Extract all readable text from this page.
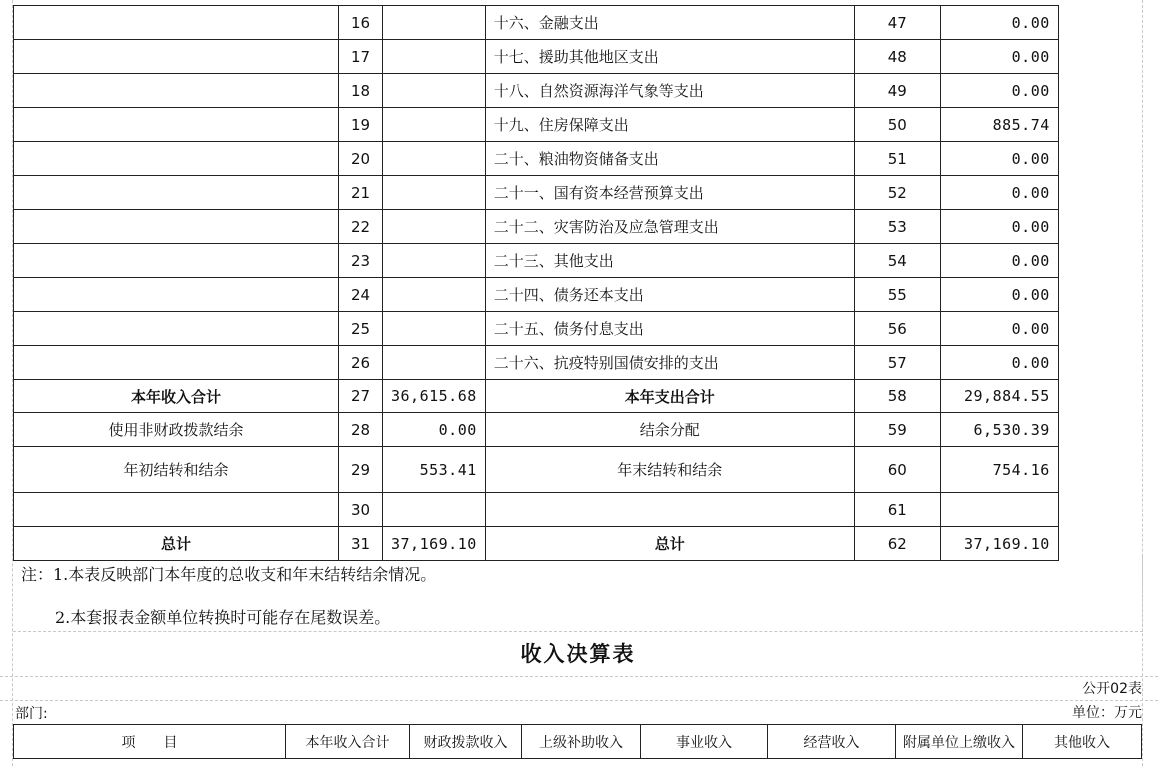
	16		十六、金融支出	47	0.00
	17		十七、援助其他地区支出	48	0.00
	18		十八、自然资源海洋气象等支出	49	0.00
	19		十九、住房保障支出	50	885.74
	20		二十、粮油物资储备支出	51	0.00
	21		二十一、国有资本经营预算支出	52	0.00
	22		二十二、灾害防治及应急管理支出	53	0.00
	23		二十三、其他支出	54	0.00
	24		二十四、债务还本支出	55	0.00
	25		二十五、债务付息支出	56	0.00
	26		二十六、抗疫特别国债安排的支出	57	0.00
本年收入合计	27	36,615.68	本年支出合计	58	29,884.55
使用非财政拨款结余	28	0.00	结余分配	59	6,530.39
年初结转和结余	29	553.41	年末结转和结余	60	754.16
	30			61	
总计	31	37,169.10	总计	62	37,169.10
注：1.本表反映部门本年度的总收支和年末结转结余情况。
2.本套报表金额单位转换时可能存在尾数误差。
收入决算表
公开02表
部门:	单位：万元
项　　目	本年收入合计	财政拨款收入	上级补助收入	事业收入	经营收入	附属单位上缴收入	其他收入
